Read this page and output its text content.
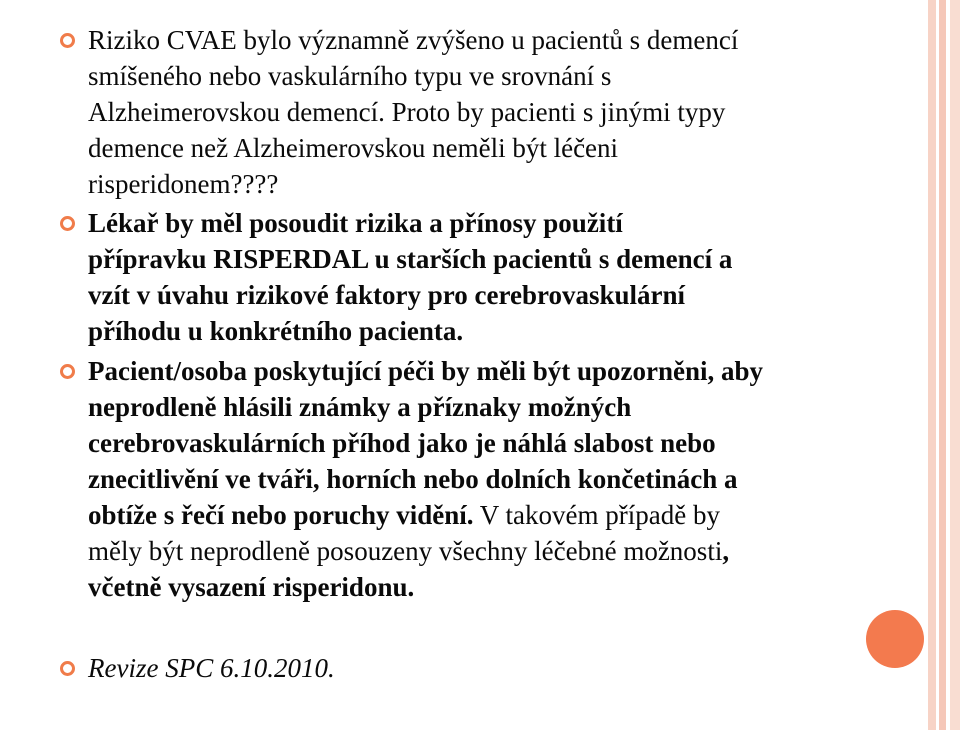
Riziko CVAE bylo významně zvýšeno u pacientů s demencí
smíšeného nebo vaskulárního typu ve srovnání s
Alzheimerovskou demencí. Proto by pacienti s jinými typy
demence než Alzheimerovskou neměli být léčeni
risperidonem????
Lékař by měl posoudit rizika a přínosy použití
přípravku RISPERDAL u starších pacientů s demencí a
vzít v úvahu rizikové faktory pro cerebrovaskulární
příhodu u konkrétního pacienta.
Pacient/osoba poskytující péči by měli být upozorněni, aby
neprodleně hlásili známky a příznaky možných
cerebrovaskulárních příhod jako je náhlá slabost nebo
znecitlivění ve tváři, horních nebo dolních končetinách a
obtíže s řečí nebo poruchy vidění. V takovém případě by
měly být neprodleně posouzeny všechny léčebné možnosti,
včetně vysazení risperidonu.
Revize SPC 6.10.2010.
